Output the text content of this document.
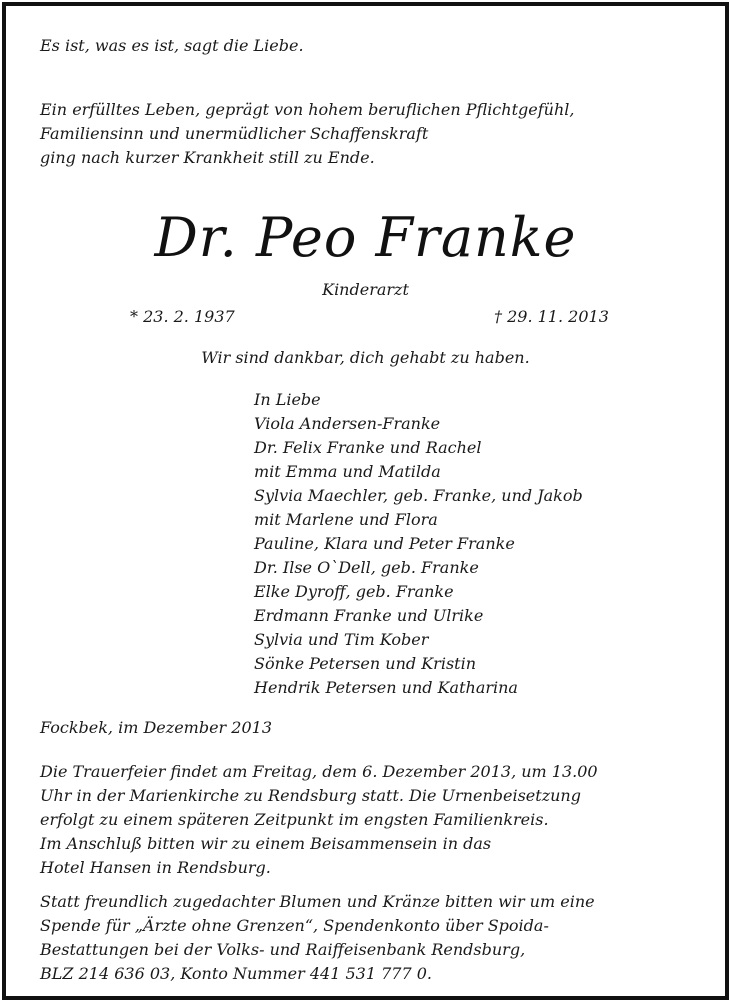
Es ist, was es ist, sagt die Liebe.

Ein erfülltes Leben, geprägt von hohem beruflichen Pflichtgefühl,

Familiensinn und unermüdlicher Schaffenskraft

ging nach kurzer Krankheit still zu Ende.

Dr. Peo Franke
Kinderarzt
* 23. 2. 1937	† 29. 11. 2013
Wir sind dankbar, dich gehabt zu haben.

In Liebe

Viola Andersen-Franke

Dr. Felix Franke und Rachel

mit Emma und Matilda

Sylvia Maechler, geb. Franke, und Jakob

mit Marlene und Flora

Pauline, Klara und Peter Franke

Dr. Ilse O`Dell, geb. Franke

Elke Dyroff, geb. Franke

Erdmann Franke und Ulrike

Sylvia und Tim Kober

Sönke Petersen und Kristin

Hendrik Petersen und Katharina

Fockbek, im Dezember 2013

Die Trauerfeier findet am Freitag, dem 6. Dezember 2013, um 13.00

Uhr in der Marienkirche zu Rendsburg statt. Die Urnenbeisetzung

erfolgt zu einem späteren Zeitpunkt im engsten Familienkreis.

Im Anschluß bitten wir zu einem Beisammensein in das

Hotel Hansen in Rendsburg.

Statt freundlich zugedachter Blumen und Kränze bitten wir um eine

Spende für „Ärzte ohne Grenzen“, Spendenkonto über Spoida-

Bestattungen bei der Volks- und Raiffeisenbank Rendsburg,

BLZ 214 636 03, Konto Nummer 441 531 777 0.
